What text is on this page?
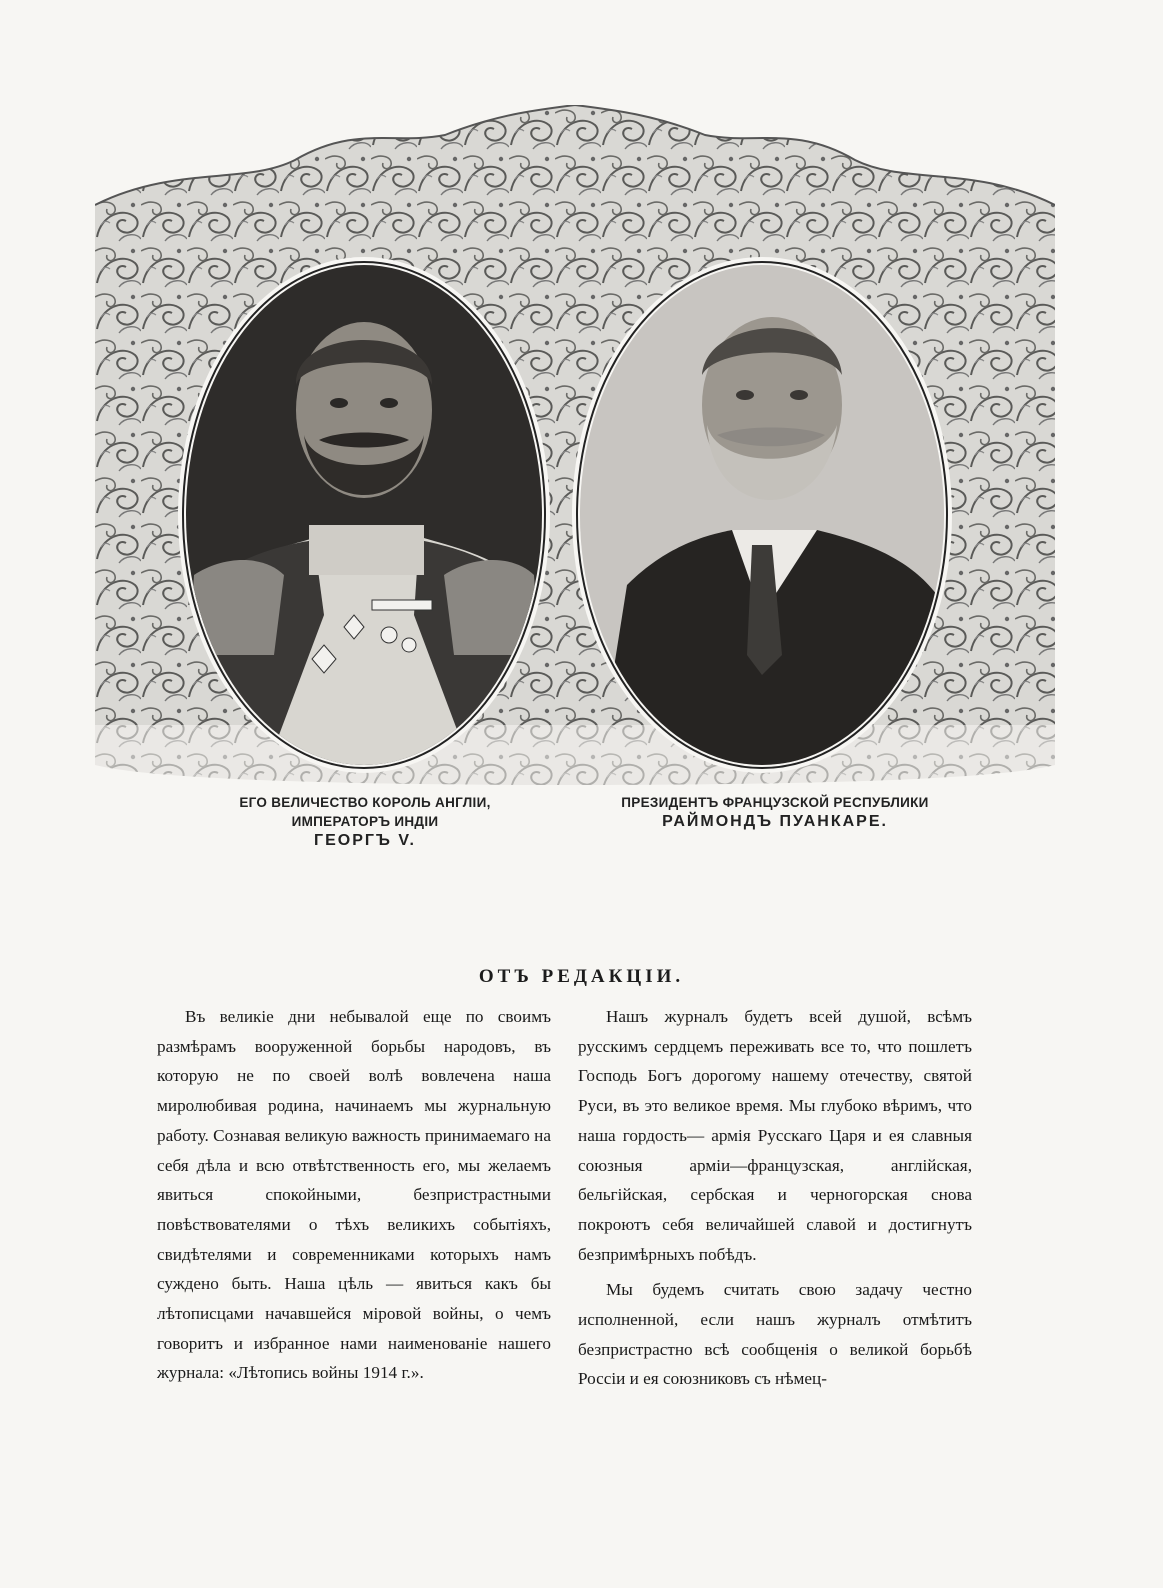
ЕГО ВЕЛИЧЕСТВО КОРОЛЬ АНГЛІИ,
ИМПЕРАТОРЪ ИНДІИ
ГЕОРГЪ V.
ПРЕЗИДЕНТЪ ФРАНЦУЗСКОЙ РЕСПУБЛИКИ
РАЙМОНДЪ ПУАНКАРЕ.
ОТЪ РЕДАКЦІИ.

Въ великіе дни небывалой еще по своимъ размѣрамъ вооруженной борьбы народовъ, въ которую не по своей волѣ вовлечена наша миролюбивая родина, начинаемъ мы журнальную работу. Сознавая великую важность принимаемаго на себя дѣла и всю отвѣтственность его, мы желаемъ явиться спокойными, безпристрастными повѣствователями о тѣхъ великихъ событіяхъ, свидѣтелями и современниками которыхъ намъ суждено быть. Наша цѣль — явиться какъ бы лѣтописцами начавшейся міровой войны, о чемъ говоритъ и избранное нами наименованіе нашего журнала: «Лѣтопись войны 1914 г.».

Нашъ журналъ будетъ всей душой, всѣмъ русскимъ сердцемъ переживать все то, что пошлетъ Господь Богъ дорогому нашему отечеству, святой Руси, въ это великое время. Мы глубоко вѣримъ, что наша гордость— армія Русскаго Царя и ея славныя союзныя арміи—французская, англійская, бельгійская, сербская и черногорская снова покроютъ себя величайшей славой и достигнутъ безпримѣрныхъ побѣдъ.

Мы будемъ считать свою задачу честно исполненной, если нашъ журналъ отмѣтитъ безпристрастно всѣ сообщенія о великой борьбѣ Россіи и ея союзниковъ съ нѣмец-
